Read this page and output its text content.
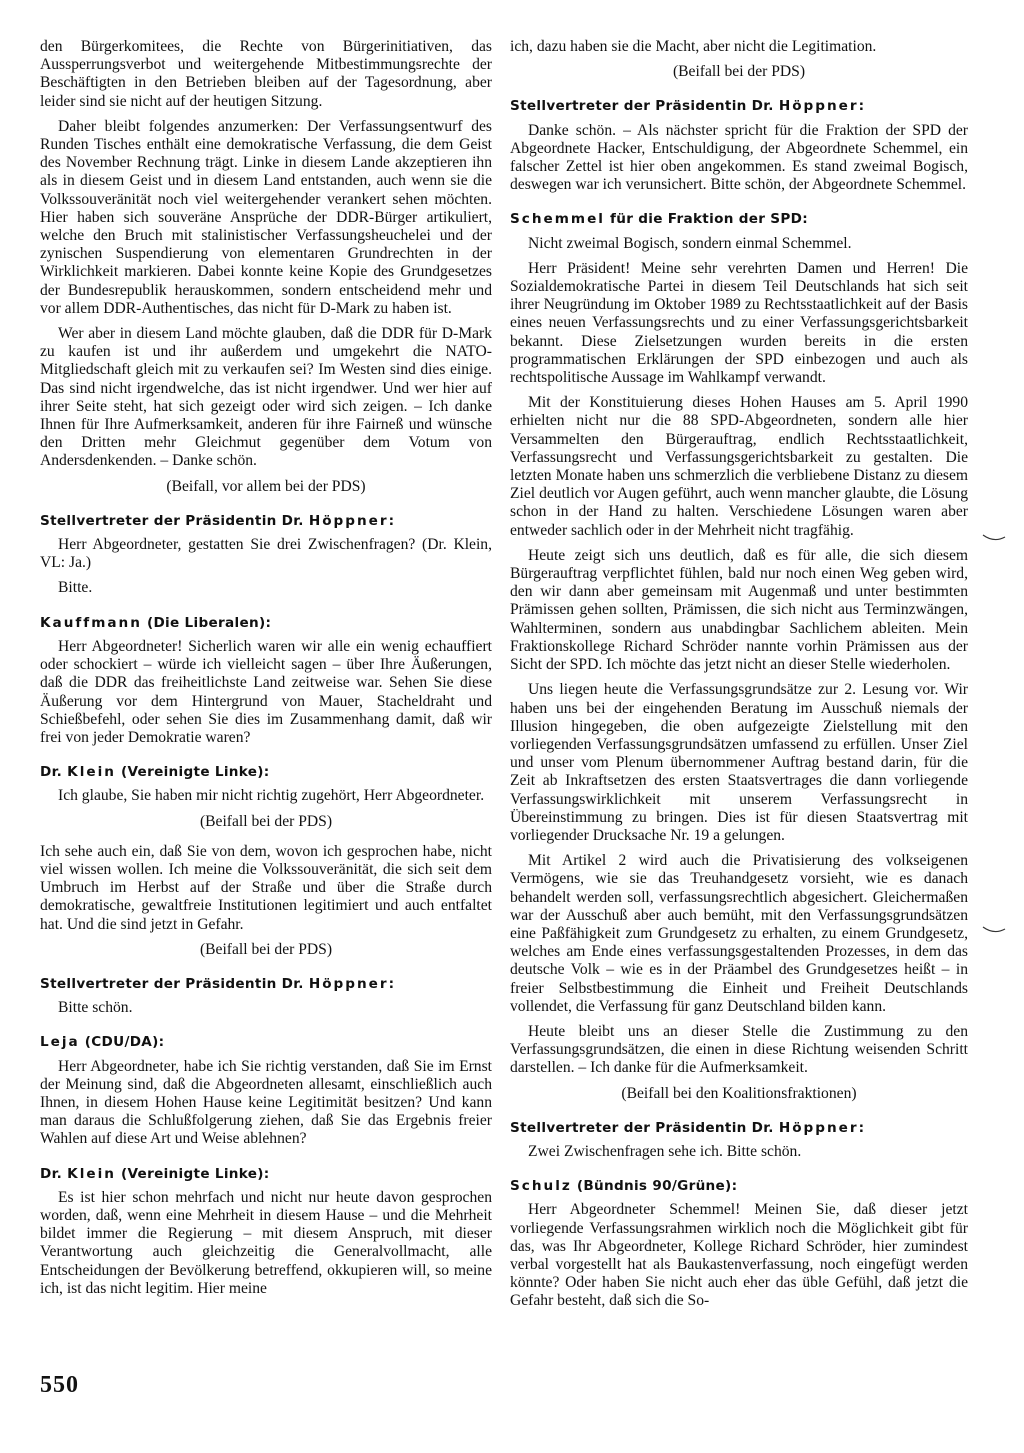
den Bürgerkomitees, die Rechte von Bürgerinitiativen, das Aussperrungsverbot und weitergehende Mitbestimmungsrechte der Beschäftigten in den Betrieben bleiben auf der Tagesordnung, aber leider sind sie nicht auf der heutigen Sitzung.

Daher bleibt folgendes anzumerken: Der Verfassungsentwurf des Runden Tisches enthält eine demokratische Verfassung, die dem Geist des November Rechnung trägt. Linke in diesem Lande akzeptieren ihn als in diesem Geist und in diesem Land entstanden, auch wenn sie die Volkssouveränität noch viel weitergehender verankert sehen möchten. Hier haben sich souveräne Ansprüche der DDR-Bürger artikuliert, welche den Bruch mit stalinistischer Verfassungsheuchelei und der zynischen Suspendierung von elementaren Grundrechten in der Wirklichkeit markieren. Dabei konnte keine Kopie des Grundgesetzes der Bundesrepublik herauskommen, sondern entscheidend mehr und vor allem DDR-Authentisches, das nicht für D-Mark zu haben ist.

Wer aber in diesem Land möchte glauben, daß die DDR für D-Mark zu kaufen ist und ihr außerdem und umgekehrt die NATO-Mitgliedschaft gleich mit zu verkaufen sei? Im Westen sind dies einige. Das sind nicht irgendwelche, das ist nicht irgendwer. Und wer hier auf ihrer Seite steht, hat sich gezeigt oder wird sich zeigen. – Ich danke Ihnen für Ihre Aufmerksamkeit, anderen für ihre Fairneß und wünsche den Dritten mehr Gleichmut gegenüber dem Votum von Andersdenkenden. – Danke schön.

(Beifall, vor allem bei der PDS)

Stellvertreter der Präsidentin Dr. Höppner:

Herr Abgeordneter, gestatten Sie drei Zwischenfragen? (Dr. Klein, VL: Ja.)

Bitte.

Kauffmann (Die Liberalen):

Herr Abgeordneter! Sicherlich waren wir alle ein wenig echauffiert oder schockiert – würde ich vielleicht sagen – über Ihre Äußerungen, daß die DDR das freiheitlichste Land zeitweise war. Sehen Sie diese Äußerung vor dem Hintergrund von Mauer, Stacheldraht und Schießbefehl, oder sehen Sie dies im Zusammenhang damit, daß wir frei von jeder Demokratie waren?

Dr. Klein (Vereinigte Linke):

Ich glaube, Sie haben mir nicht richtig zugehört, Herr Abgeordneter.

(Beifall bei der PDS)

Ich sehe auch ein, daß Sie von dem, wovon ich gesprochen habe, nicht viel wissen wollen. Ich meine die Volkssouveränität, die sich seit dem Umbruch im Herbst auf der Straße und über die Straße durch demokratische, gewaltfreie Institutionen legitimiert und auch entfaltet hat. Und die sind jetzt in Gefahr.

(Beifall bei der PDS)

Stellvertreter der Präsidentin Dr. Höppner:

Bitte schön.

Leja (CDU/DA):

Herr Abgeordneter, habe ich Sie richtig verstanden, daß Sie im Ernst der Meinung sind, daß die Abgeordneten allesamt, einschließlich auch Ihnen, in diesem Hohen Hause keine Legitimität besitzen? Und kann man daraus die Schlußfolgerung ziehen, daß Sie das Ergebnis freier Wahlen auf diese Art und Weise ablehnen?

Dr. Klein (Vereinigte Linke):

Es ist hier schon mehrfach und nicht nur heute davon gesprochen worden, daß, wenn eine Mehrheit in diesem Hause – und die Mehrheit bildet immer die Regierung – mit diesem Anspruch, mit dieser Verantwortung auch gleichzeitig die Generalvollmacht, alle Entscheidungen der Bevölkerung betreffend, okkupieren will, so meine ich, ist das nicht legitim. Hier meine

ich, dazu haben sie die Macht, aber nicht die Legitimation.

(Beifall bei der PDS)

Stellvertreter der Präsidentin Dr. Höppner:

Danke schön. – Als nächster spricht für die Fraktion der SPD der Abgeordnete Hacker, Entschuldigung, der Abgeordnete Schemmel, ein falscher Zettel ist hier oben angekommen. Es stand zweimal Bogisch, deswegen war ich verunsichert. Bitte schön, der Abgeordnete Schemmel.

Schemmel für die Fraktion der SPD:

Nicht zweimal Bogisch, sondern einmal Schemmel.

Herr Präsident! Meine sehr verehrten Damen und Herren! Die Sozialdemokratische Partei in diesem Teil Deutschlands hat sich seit ihrer Neugründung im Oktober 1989 zu Rechtsstaatlichkeit auf der Basis eines neuen Verfassungsrechts und zu einer Verfassungsgerichtsbarkeit bekannt. Diese Zielsetzungen wurden bereits in die ersten programmatischen Erklärungen der SPD einbezogen und auch als rechtspolitische Aussage im Wahlkampf verwandt.

Mit der Konstituierung dieses Hohen Hauses am 5. April 1990 erhielten nicht nur die 88 SPD-Abgeordneten, sondern alle hier Versammelten den Bürgerauftrag, endlich Rechtsstaatlichkeit, Verfassungsrecht und Verfassungsgerichtsbarkeit zu gestalten. Die letzten Monate haben uns schmerzlich die verbliebene Distanz zu diesem Ziel deutlich vor Augen geführt, auch wenn mancher glaubte, die Lösung schon in der Hand zu halten. Verschiedene Lösungen waren aber entweder sachlich oder in der Mehrheit nicht tragfähig.

Heute zeigt sich uns deutlich, daß es für alle, die sich diesem Bürgerauftrag verpflichtet fühlen, bald nur noch einen Weg geben wird, den wir dann aber gemeinsam mit Augenmaß und unter bestimmten Prämissen gehen sollten, Prämissen, die sich nicht aus Terminzwängen, Wahlterminen, sondern aus unabdingbar Sachlichem ableiten. Mein Fraktionskollege Richard Schröder nannte vorhin Prämissen aus der Sicht der SPD. Ich möchte das jetzt nicht an dieser Stelle wiederholen.

Uns liegen heute die Verfassungsgrundsätze zur 2. Lesung vor. Wir haben uns bei der eingehenden Beratung im Ausschuß niemals der Illusion hingegeben, die oben aufgezeigte Zielstellung mit den vorliegenden Verfassungsgrundsätzen umfassend zu erfüllen. Unser Ziel und unser vom Plenum übernommener Auftrag bestand darin, für die Zeit ab Inkraftsetzen des ersten Staatsvertrages die dann vorliegende Verfassungswirklichkeit mit unserem Verfassungsrecht in Übereinstimmung zu bringen. Dies ist für diesen Staatsvertrag mit vorliegender Drucksache Nr. 19 a gelungen.

Mit Artikel 2 wird auch die Privatisierung des volkseigenen Vermögens, wie sie das Treuhandgesetz vorsieht, wie es danach behandelt werden soll, verfassungsrechtlich abgesichert. Gleichermaßen war der Ausschuß aber auch bemüht, mit den Verfassungsgrundsätzen eine Paßfähigkeit zum Grundgesetz zu erhalten, zu einem Grundgesetz, welches am Ende eines verfassungsgestaltenden Prozesses, in dem das deutsche Volk – wie es in der Präambel des Grundgesetzes heißt – in freier Selbstbestimmung die Einheit und Freiheit Deutschlands vollendet, die Verfassung für ganz Deutschland bilden kann.

Heute bleibt uns an dieser Stelle die Zustimmung zu den Verfassungsgrundsätzen, die einen in diese Richtung weisenden Schritt darstellen. – Ich danke für die Aufmerksamkeit.

(Beifall bei den Koalitionsfraktionen)

Stellvertreter der Präsidentin Dr. Höppner:

Zwei Zwischenfragen sehe ich. Bitte schön.

Schulz (Bündnis 90/Grüne):

Herr Abgeordneter Schemmel! Meinen Sie, daß dieser jetzt vorliegende Verfassungsrahmen wirklich noch die Möglichkeit gibt für das, was Ihr Abgeordneter, Kollege Richard Schröder, hier zumindest verbal vorgestellt hat als Baukastenverfassung, noch eingefügt werden könnte? Oder haben Sie nicht auch eher das üble Gefühl, daß jetzt die Gefahr besteht, daß sich die So-

550
